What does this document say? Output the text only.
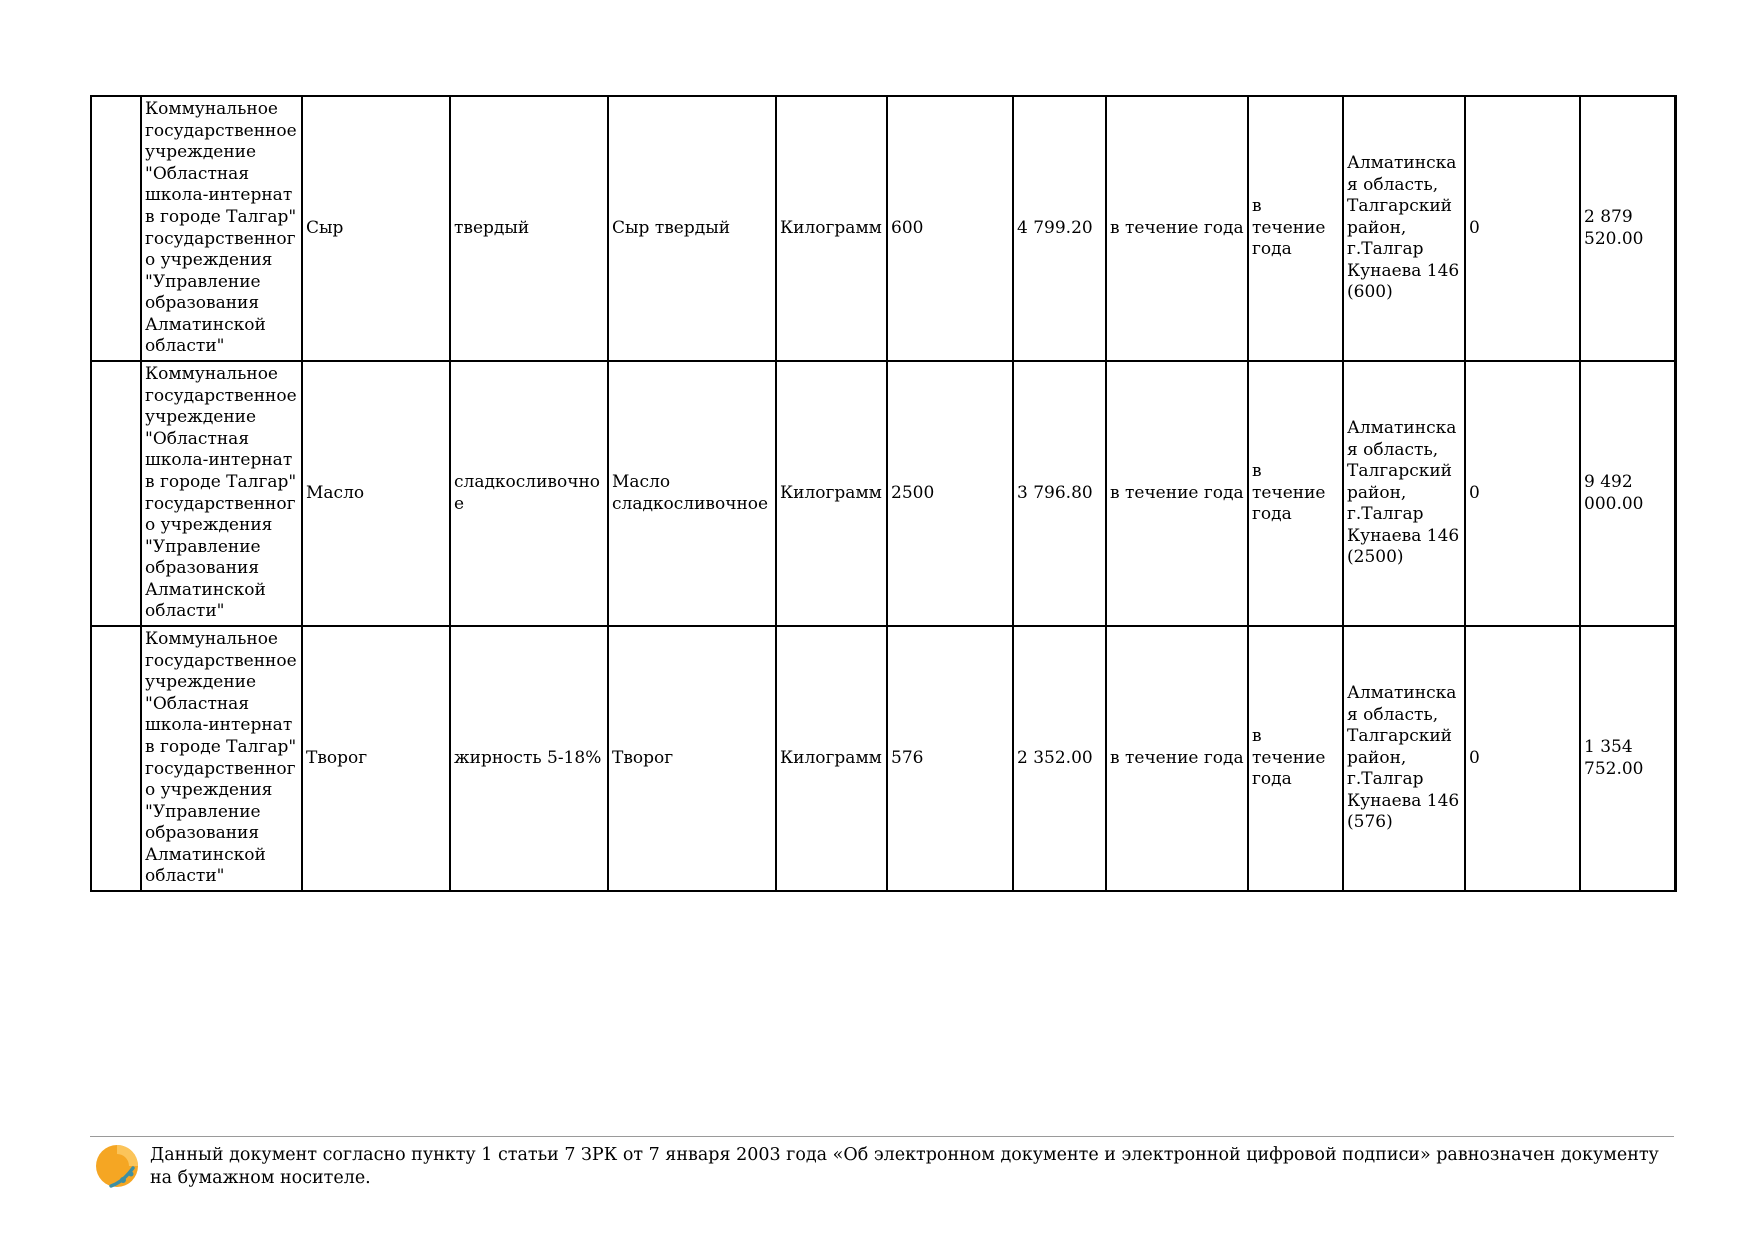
	Коммунальное государственное учреждение "Областная школа-интернат в городе Талгар" государственного учреждения "Управление образования Алматинской области"	Сыр	твердый	Сыр твердый	Килограмм	600	4 799.20	в течение года	в течение года	Алматинская область, Талгарский район, г.Талгар Кунаева 146 (600)	0	2 879 520.00
	Коммунальное государственное учреждение "Областная школа-интернат в городе Талгар" государственного учреждения "Управление образования Алматинской области"	Масло	сладкосливочное	Масло сладкосливочное	Килограмм	2500	3 796.80	в течение года	в течение года	Алматинская область, Талгарский район, г.Талгар Кунаева 146 (2500)	0	9 492 000.00
	Коммунальное государственное учреждение "Областная школа-интернат в городе Талгар" государственного учреждения "Управление образования Алматинской области"	Творог	жирность 5-18%	Творог	Килограмм	576	2 352.00	в течение года	в течение года	Алматинская область, Талгарский район, г.Талгар Кунаева 146 (576)	0	1 354 752.00
Данный документ согласно пункту 1 статьи 7 ЗРК от 7 января 2003 года «Об электронном документе и электронной цифровой подписи» равнозначен документу на бумажном носителе.
